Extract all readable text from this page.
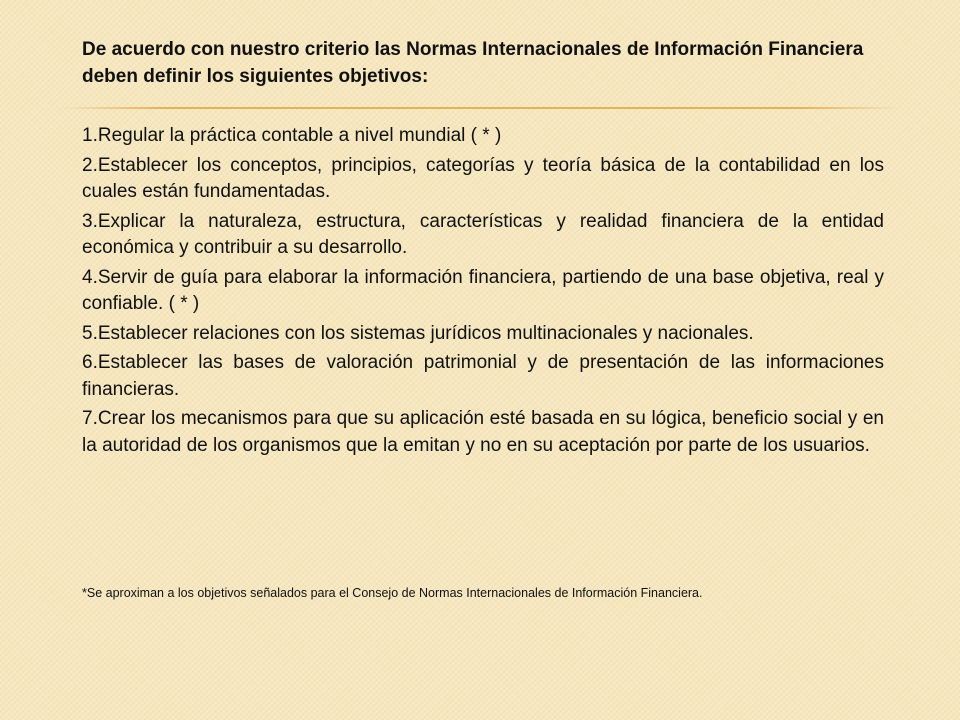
De acuerdo con nuestro criterio las Normas Internacionales de Información Financiera deben definir los siguientes objetivos:

1.Regular la práctica contable a nivel mundial ( * )
2.Establecer los conceptos, principios, categorías y teoría básica de la contabilidad en los cuales están fundamentadas.
3.Explicar la naturaleza, estructura, características y realidad financiera de la entidad económica y contribuir a su desarrollo.
4.Servir de guía para elaborar la información financiera, partiendo de una base objetiva, real y confiable. ( * )
5.Establecer relaciones con los sistemas jurídicos multinacionales y nacionales.
6.Establecer las bases de valoración patrimonial y de presentación de las informaciones financieras.
7.Crear los mecanismos para que su aplicación esté basada en su lógica, beneficio social y en la autoridad de los organismos que la emitan y no en su aceptación por parte de los usuarios.

*Se aproximan a los objetivos señalados para el Consejo de Normas Internacionales de Información Financiera.
